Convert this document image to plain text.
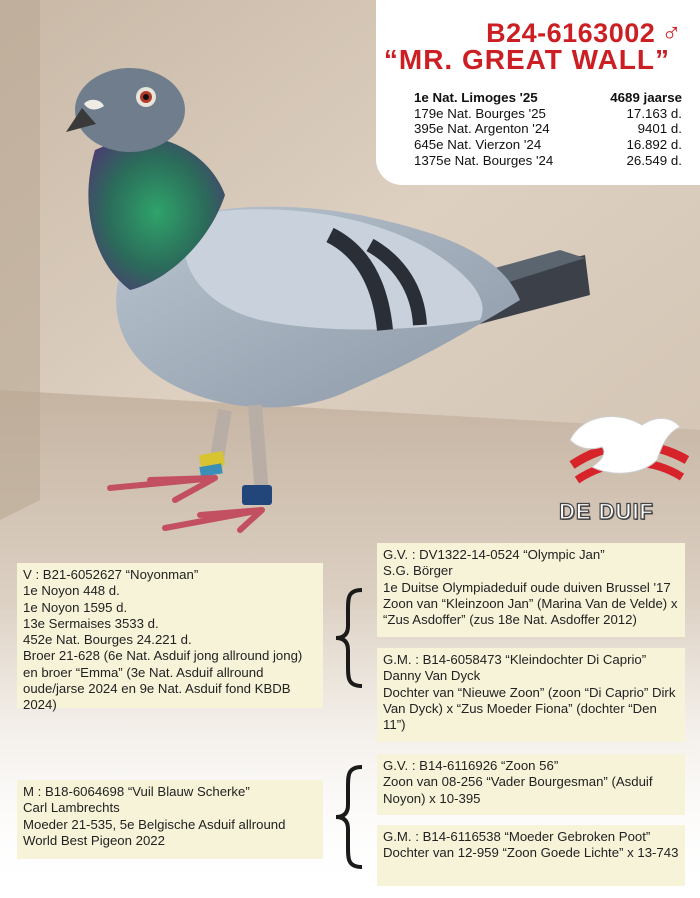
B24-6163002 ♂
“MR. GREAT WALL”
1e Nat. Limoges '25	4689 jaarse
179e Nat. Bourges '25	17.163 d.
395e Nat. Argenton '24	9401 d.
645e Nat. Vierzon '24	16.892 d.
1375e Nat. Bourges '24	26.549 d.
DE DUIF
V : B21-6052627 “Noyonman”
1e Noyon 448 d.
1e Noyon 1595 d.
13e Sermaises 3533 d.
452e Nat. Bourges 24.221 d.
Broer 21-628 (6e Nat. Asduif jong allround jong) en broer “Emma” (3e Nat. Asduif allround oude/jarse 2024 en 9e Nat. Asduif fond KBDB 2024)
G.V. : DV1322-14-0524 “Olympic Jan”
S.G. Börger
1e Duitse Olympiadeduif oude duiven Brussel '17
Zoon van “Kleinzoon Jan” (Marina Van de Velde) x “Zus Asdoffer” (zus 18e Nat. Asdoffer 2012)
G.M. : B14-6058473 “Kleindochter Di Caprio”
Danny Van Dyck
Dochter van “Nieuwe Zoon” (zoon “Di Caprio” Dirk Van Dyck) x “Zus Moeder Fiona” (dochter “Den 11”)
M : B18-6064698 “Vuil Blauw Scherke”
Carl Lambrechts
Moeder 21-535, 5e Belgische Asduif allround World Best Pigeon 2022
G.V. : B14-6116926 “Zoon 56”
Zoon van 08-256 “Vader Bourgesman” (Asduif Noyon) x 10-395
G.M. : B14-6116538 “Moeder Gebroken Poot”
Dochter van 12-959 “Zoon Goede Lichte” x 13-743
